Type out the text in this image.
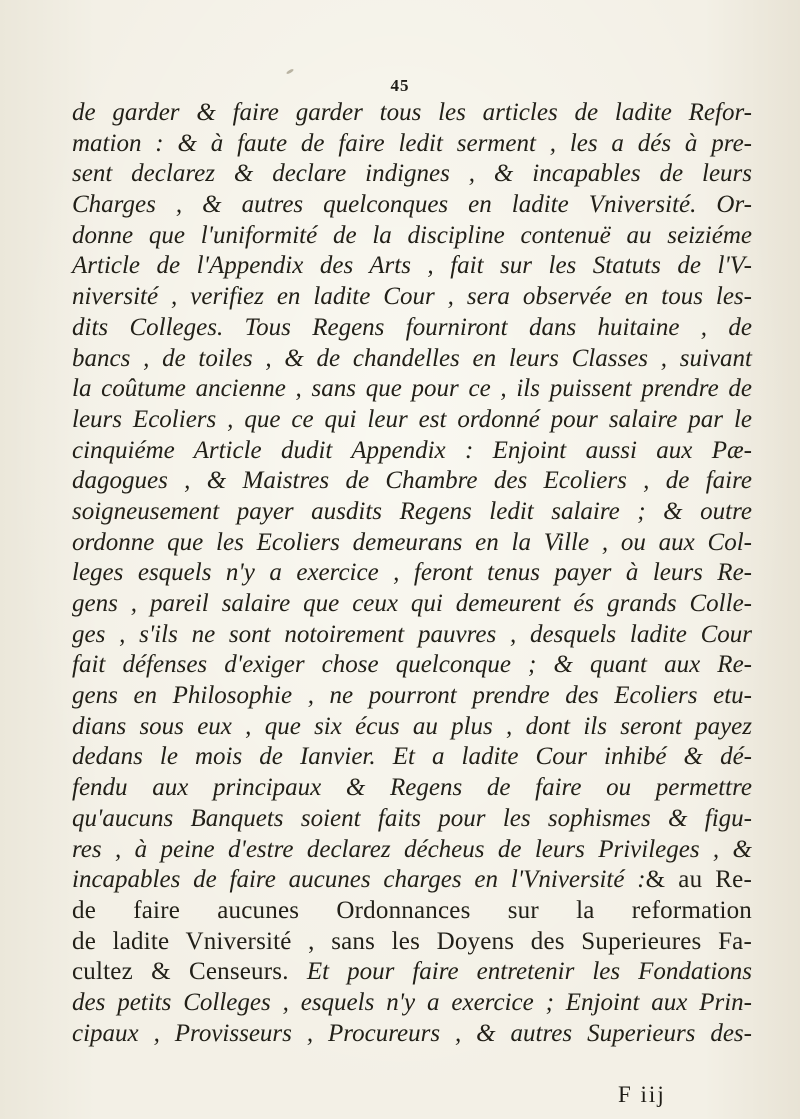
45
de garder & faire garder tous les articles de ladite Refor-
mation : & à faute de faire ledit serment , les a dés à pre-
sent declarez & declare indignes , & incapables de leurs
Charges , & autres quelconques en ladite Vniversité. Or-
donne que l'uniformité de la discipline contenuë au seiziéme
Article de l'Appendix des Arts , fait sur les Statuts de l'V-
niversité , verifiez en ladite Cour , sera observée en tous les-
dits Colleges. Tous Regens fourniront dans huitaine , de
bancs , de toiles , & de chandelles en leurs Classes , suivant
la coûtume ancienne , sans que pour ce , ils puissent prendre de
leurs Ecoliers , que ce qui leur est ordonné pour salaire par le
cinquiéme Article dudit Appendix : Enjoint aussi aux Pæ-
dagogues , & Maistres de Chambre des Ecoliers , de faire
soigneusement payer ausdits Regens ledit salaire ; & outre
ordonne que les Ecoliers demeurans en la Ville , ou aux Col-
leges esquels n'y a exercice , feront tenus payer à leurs Re-
gens , pareil salaire que ceux qui demeurent és grands Colle-
ges , s'ils ne sont notoirement pauvres , desquels ladite Cour
fait défenses d'exiger chose quelconque ; & quant aux Re-
gens en Philosophie , ne pourront prendre des Ecoliers etu-
dians sous eux , que six écus au plus , dont ils seront payez
dedans le mois de Ianvier. Et a ladite Cour inhibé & dé-
fendu aux principaux & Regens de faire ou permettre
qu'aucuns Banquets soient faits pour les sophismes & figu-
res , à peine d'estre declarez décheus de leurs Privileges , &
incapables de faire aucunes charges en l'Vniversité :& au Re-
de faire aucunes Ordonnances sur la reformation
de ladite Vniversité , sans les Doyens des Superieures Fa-
cultez & Censeurs. Et pour faire entretenir les Fondations
des petits Colleges , esquels n'y a exercice ; Enjoint aux Prin-
cipaux , Provisseurs , Procureurs , & autres Superieurs des-
F iij
